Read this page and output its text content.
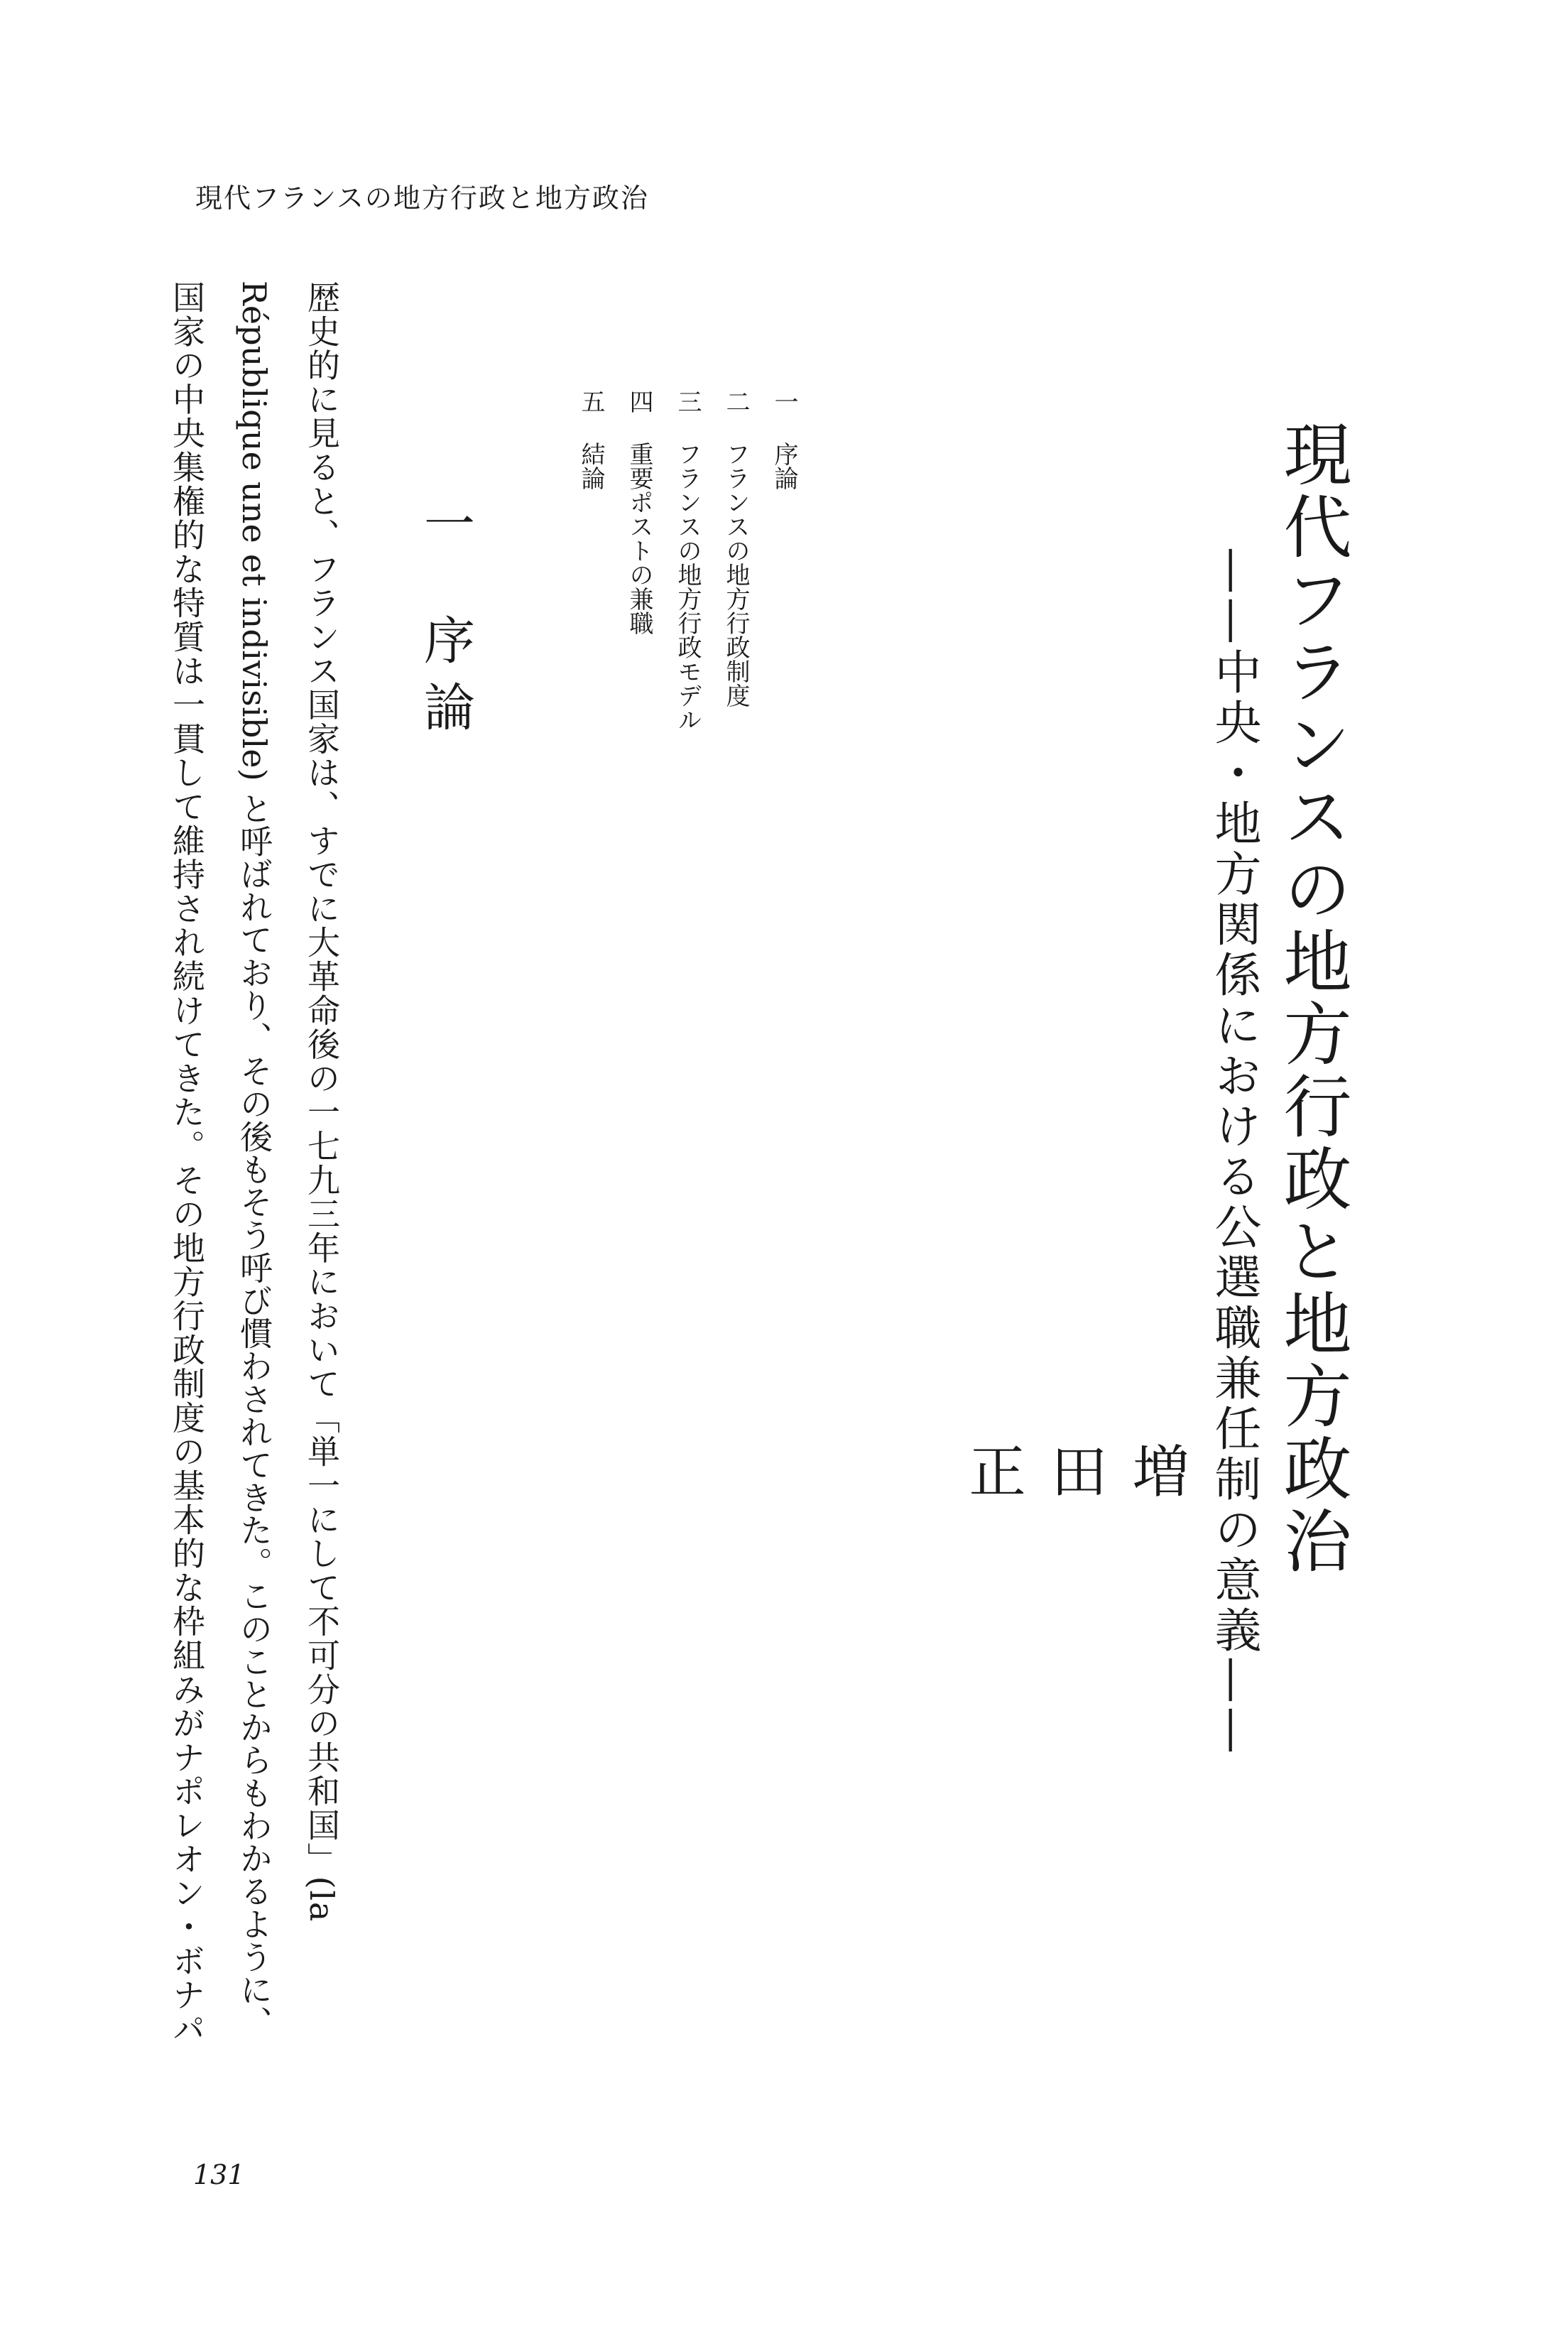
現代フランスの地方行政と地方政治
現代フランスの地方行政と地方政治
——中央・地方関係における公選職兼任制の意義——
増
田
正
一序論
二フランスの地方行政制度
三フランスの地方行政モデル
四重要ポストの兼職
五結論
一序論
歴史的に見ると、フランス国家は、すでに大革命後の一七九三年において「単一にして不可分の共和国」(la
République une et indivisible) と呼ばれており、その後もそう呼び慣わされてきた。このことからもわかるように、
国家の中央集権的な特質は一貫して維持され続けてきた。その地方行政制度の基本的な枠組みがナポレオン・ボナパ
131
